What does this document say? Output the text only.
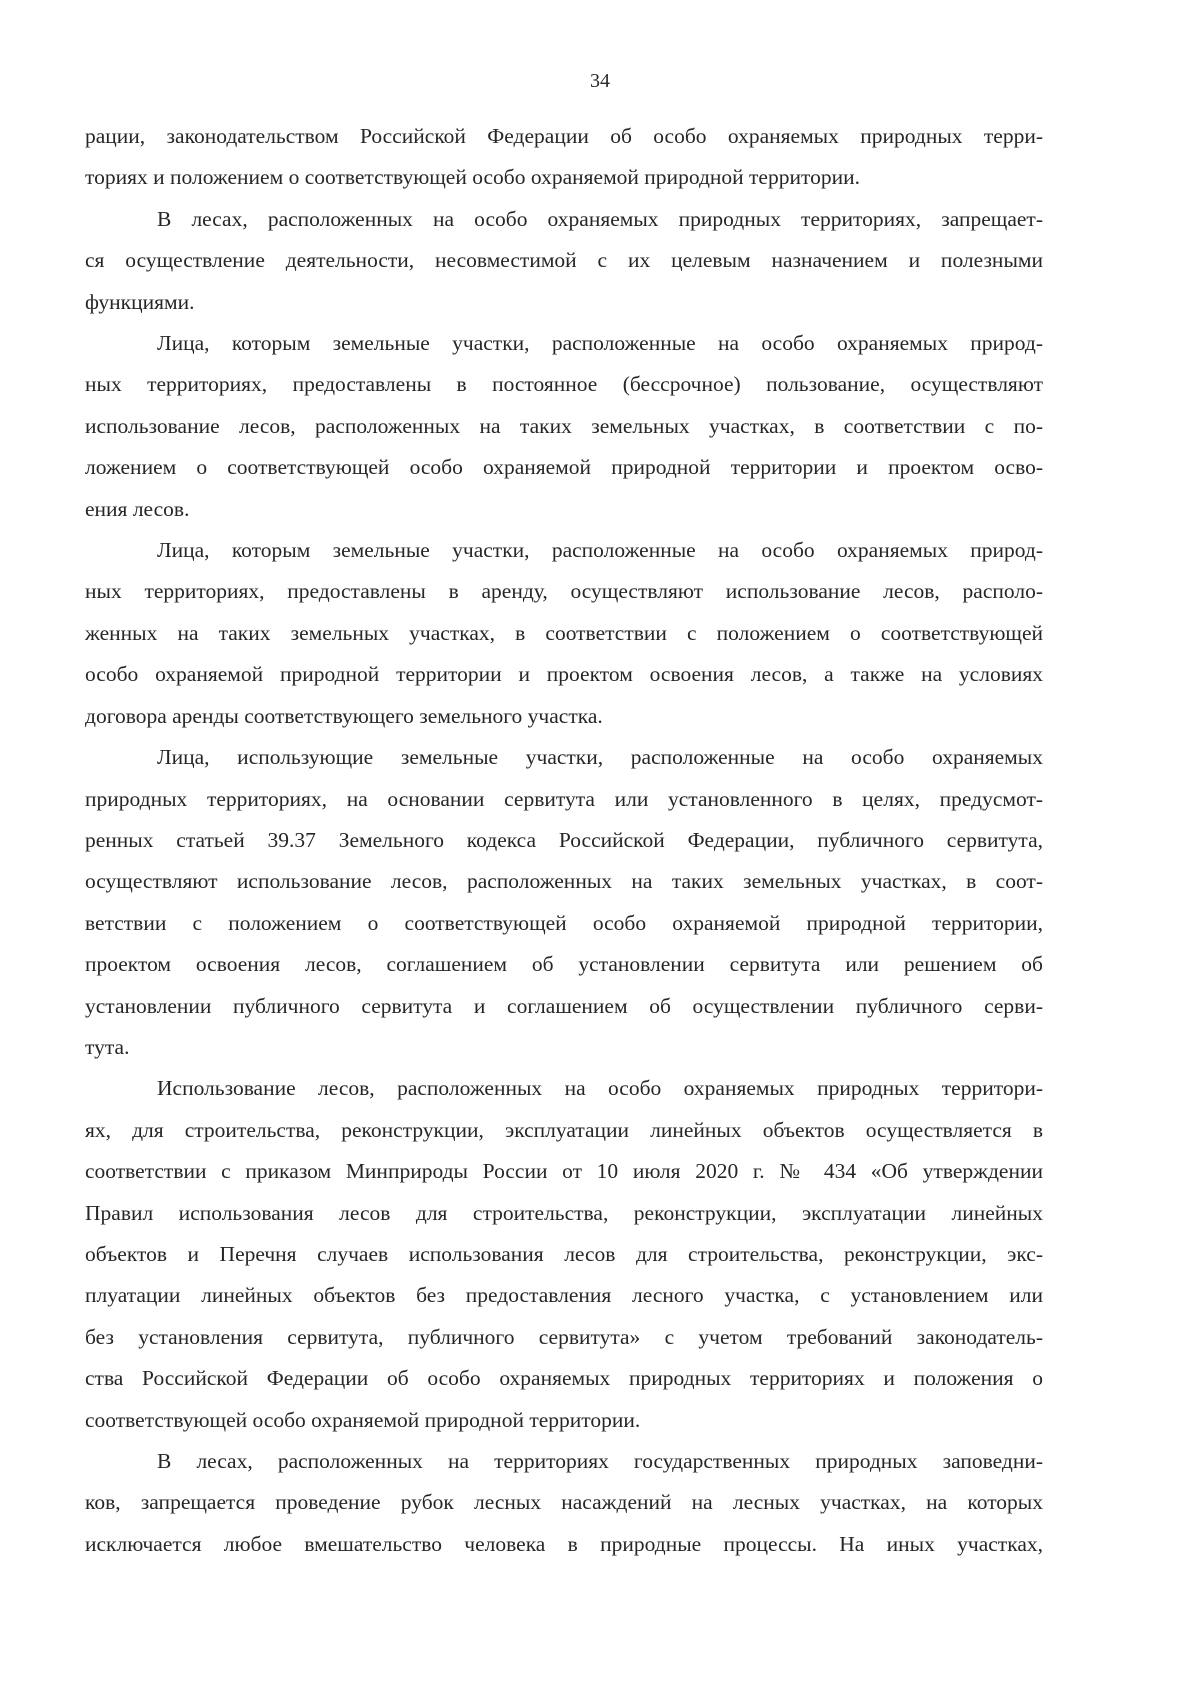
34

рации, законодательством Российской Федерации об особо охраняемых природных терри-
ториях и положением о соответствующей особо охраняемой природной территории.

В лесах, расположенных на особо охраняемых природных территориях, запрещает-
ся осуществление деятельности, несовместимой с их целевым назначением и полезными
функциями.

Лица, которым земельные участки, расположенные на особо охраняемых природ-
ных территориях, предоставлены в постоянное (бессрочное) пользование, осуществляют
использование лесов, расположенных на таких земельных участках, в соответствии с по-
ложением о соответствующей особо охраняемой природной территории и проектом осво-
ения лесов.

Лица, которым земельные участки, расположенные на особо охраняемых природ-
ных территориях, предоставлены в аренду, осуществляют использование лесов, располо-
женных на таких земельных участках, в соответствии с положением о соответствующей
особо охраняемой природной территории и проектом освоения лесов, а также на условиях
договора аренды соответствующего земельного участка.

Лица, использующие земельные участки, расположенные на особо охраняемых
природных территориях, на основании сервитута или установленного в целях, предусмот-
ренных статьей 39.37 Земельного кодекса Российской Федерации, публичного сервитута,
осуществляют использование лесов, расположенных на таких земельных участках, в соот-
ветствии с положением о соответствующей особо охраняемой природной территории,
проектом освоения лесов, соглашением об установлении сервитута или решением об
установлении публичного сервитута и соглашением об осуществлении публичного серви-
тута.

Использование лесов, расположенных на особо охраняемых природных территори-
ях, для строительства, реконструкции, эксплуатации линейных объектов осуществляется в
соответствии с приказом Минприроды России от 10 июля 2020 г. № 434 «Об утверждении
Правил использования лесов для строительства, реконструкции, эксплуатации линейных
объектов и Перечня случаев использования лесов для строительства, реконструкции, экс-
плуатации линейных объектов без предоставления лесного участка, с установлением или
без установления сервитута, публичного сервитута» с учетом требований законодатель-
ства Российской Федерации об особо охраняемых природных территориях и положения о
соответствующей особо охраняемой природной территории.

В лесах, расположенных на территориях государственных природных заповедни-
ков, запрещается проведение рубок лесных насаждений на лесных участках, на которых
исключается любое вмешательство человека в природные процессы. На иных участках,
